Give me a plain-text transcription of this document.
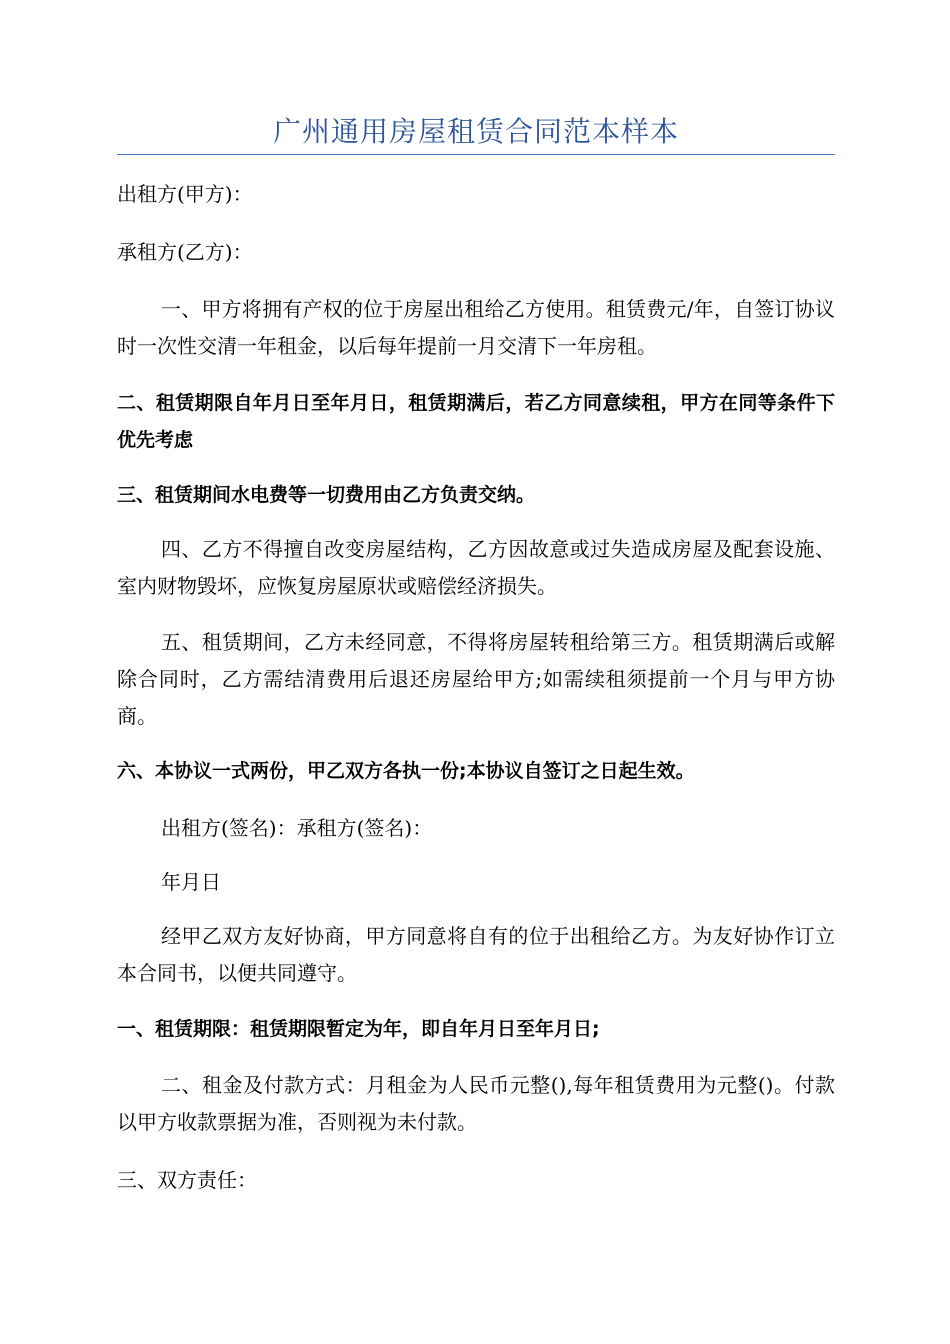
广州通用房屋租赁合同范本样本

出租方(甲方)：

承租方(乙方)：

一、甲方将拥有产权的位于房屋出租给乙方使用。租赁费元/年，自签订协议时一次性交清一年租金，以后每年提前一月交清下一年房租。

二、租赁期限自年月日至年月日，租赁期满后，若乙方同意续租，甲方在同等条件下优先考虑

三、租赁期间水电费等一切费用由乙方负责交纳。

四、乙方不得擅自改变房屋结构，乙方因故意或过失造成房屋及配套设施、室内财物毁坏，应恢复房屋原状或赔偿经济损失。

五、租赁期间，乙方未经同意，不得将房屋转租给第三方。租赁期满后或解除合同时，乙方需结清费用后退还房屋给甲方;如需续租须提前一个月与甲方协商。

六、本协议一式两份，甲乙双方各执一份;本协议自签订之日起生效。

出租方(签名)：承租方(签名)：

年月日

经甲乙双方友好协商，甲方同意将自有的位于出租给乙方。为友好协作订立本合同书，以便共同遵守。

一、租赁期限：租赁期限暂定为年，即自年月日至年月日;

二、租金及付款方式：月租金为人民币元整(),每年租赁费用为元整()。付款以甲方收款票据为准，否则视为未付款。

三、双方责任：
